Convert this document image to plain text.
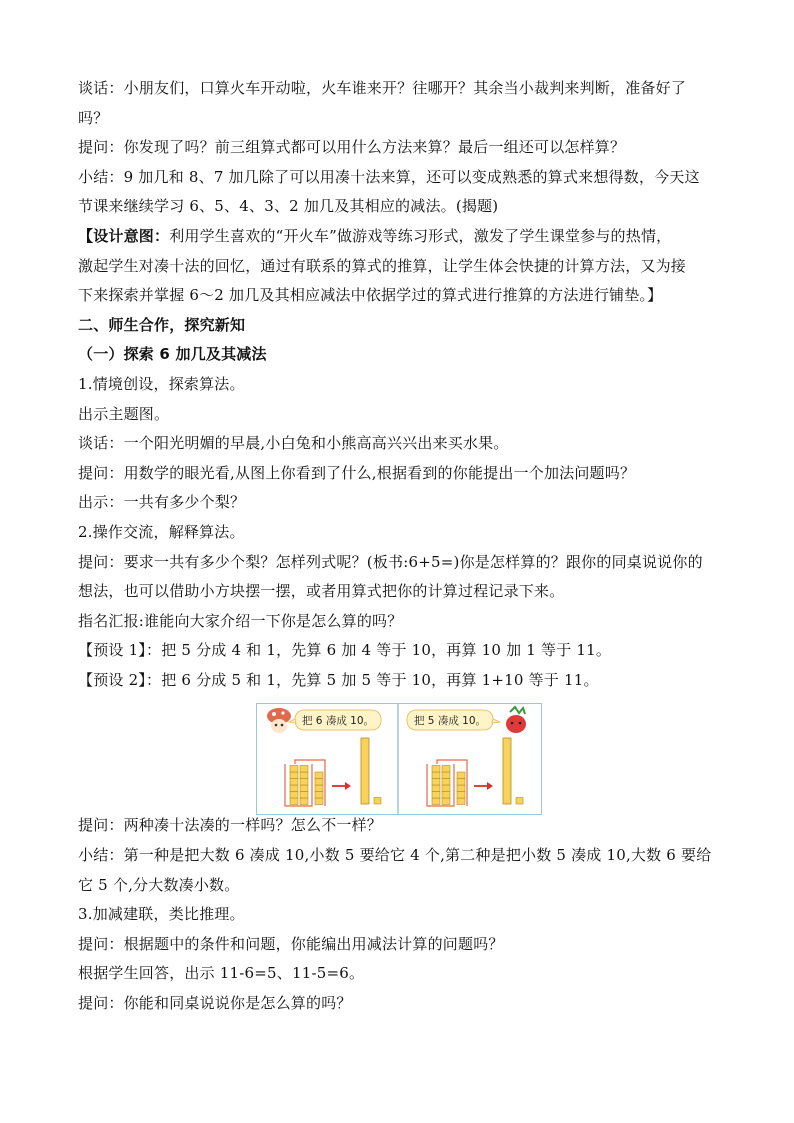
谈话：小朋友们，口算火车开动啦，火车谁来开？往哪开？其余当小裁判来判断，准备好了
吗？
提问：你发现了吗？前三组算式都可以用什么方法来算？最后一组还可以怎样算？
小结：9 加几和 8、7 加几除了可以用凑十法来算，还可以变成熟悉的算式来想得数，今天这
节课来继续学习 6、5、4、3、2 加几及其相应的减法。(揭题)
【设计意图：利用学生喜欢的“开火车”做游戏等练习形式，激发了学生课堂参与的热情，
激起学生对凑十法的回忆，通过有联系的算式的推算，让学生体会快捷的计算方法，又为接
下来探索并掌握 6～2 加几及其相应减法中依据学过的算式进行推算的方法进行铺垫。】
二、师生合作，探究新知
（一）探索 6 加几及其减法
1.情境创设，探索算法。
出示主题图。
谈话：一个阳光明媚的早晨,小白兔和小熊高高兴兴出来买水果。
提问：用数学的眼光看,从图上你看到了什么,根据看到的你能提出一个加法问题吗？
出示：一共有多少个梨？
2.操作交流，解释算法。
提问：要求一共有多少个梨？怎样列式呢？(板书:6+5=)你是怎样算的？跟你的同桌说说你的
想法，也可以借助小方块摆一摆，或者用算式把你的计算过程记录下来。
指名汇报:谁能向大家介绍一下你是怎么算的吗？
【预设 1】：把 5 分成 4 和 1，先算 6 加 4 等于 10，再算 10 加 1 等于 11。
【预设 2】：把 6 分成 5 和 1，先算 5 加 5 等于 10，再算 1+10 等于 11。
把 6 凑成 10。	把 5 凑成 10。
提问：两种凑十法凑的一样吗？怎么不一样？
小结：第一种是把大数 6 凑成 10,小数 5 要给它 4 个,第二种是把小数 5 凑成 10,大数 6 要给
它 5 个,分大数凑小数。
3.加减建联，类比推理。
提问：根据题中的条件和问题，你能编出用减法计算的问题吗？
根据学生回答，出示 11-6=5、11-5=6。
提问：你能和同桌说说你是怎么算的吗？
